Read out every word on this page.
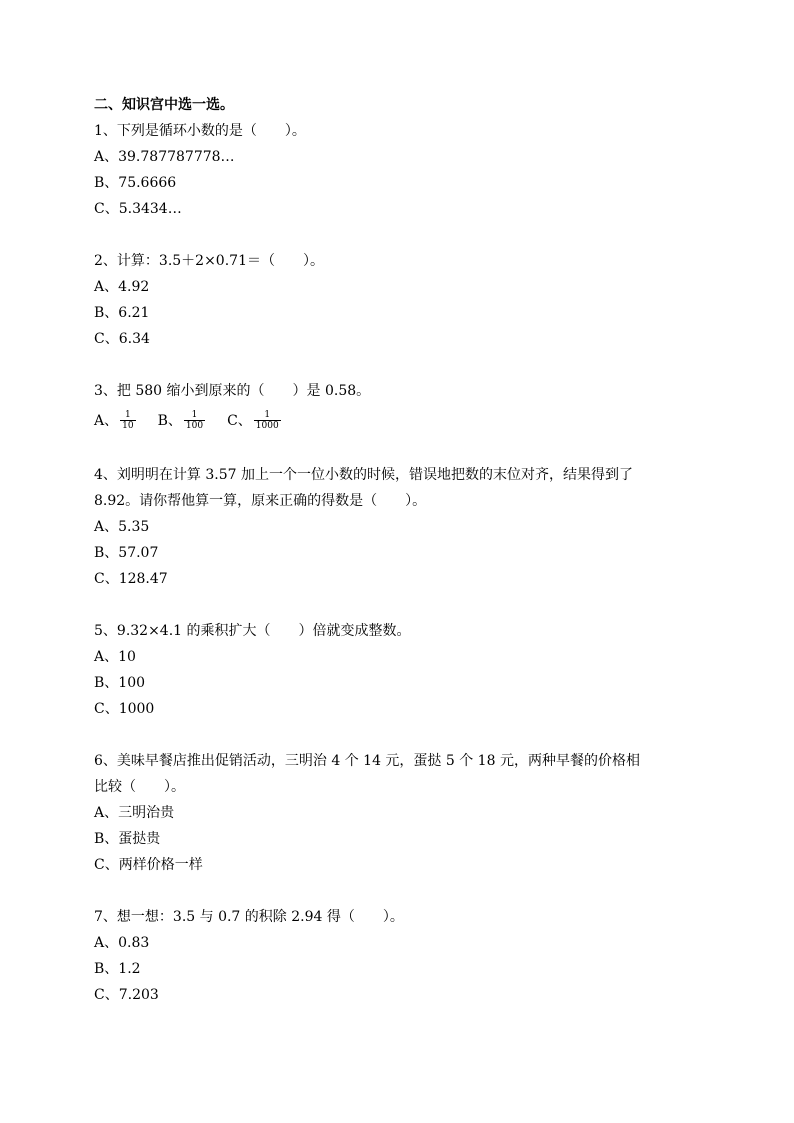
二、知识宫中选一选。
1、下列是循环小数的是（　　）。
A、39.787787778…
B、75.6666
C、5.3434…
2、计算：3.5＋2×0.71＝（　　）。
A、4.92
B、6.21
C、6.34
3、把 580 缩小到原来的（　　）是 0.58。
A、 $\frac{1}{10}$ B、 $\frac{1}{100}$ C、 $\frac{1}{1000}$
4、刘明明在计算 3.57 加上一个一位小数的时候，错误地把数的末位对齐，结果得到了
8.92。请你帮他算一算，原来正确的得数是（　　）。
A、5.35
B、57.07
C、128.47
5、9.32×4.1 的乘积扩大（　　）倍就变成整数。
A、10
B、100
C、1000
6、美味早餐店推出促销活动，三明治 4 个 14 元，蛋挞 5 个 18 元，两种早餐的价格相
比较（　　）。
A、三明治贵
B、蛋挞贵
C、两样价格一样
7、想一想：3.5 与 0.7 的积除 2.94 得（　　）。
A、0.83
B、1.2
C、7.203
